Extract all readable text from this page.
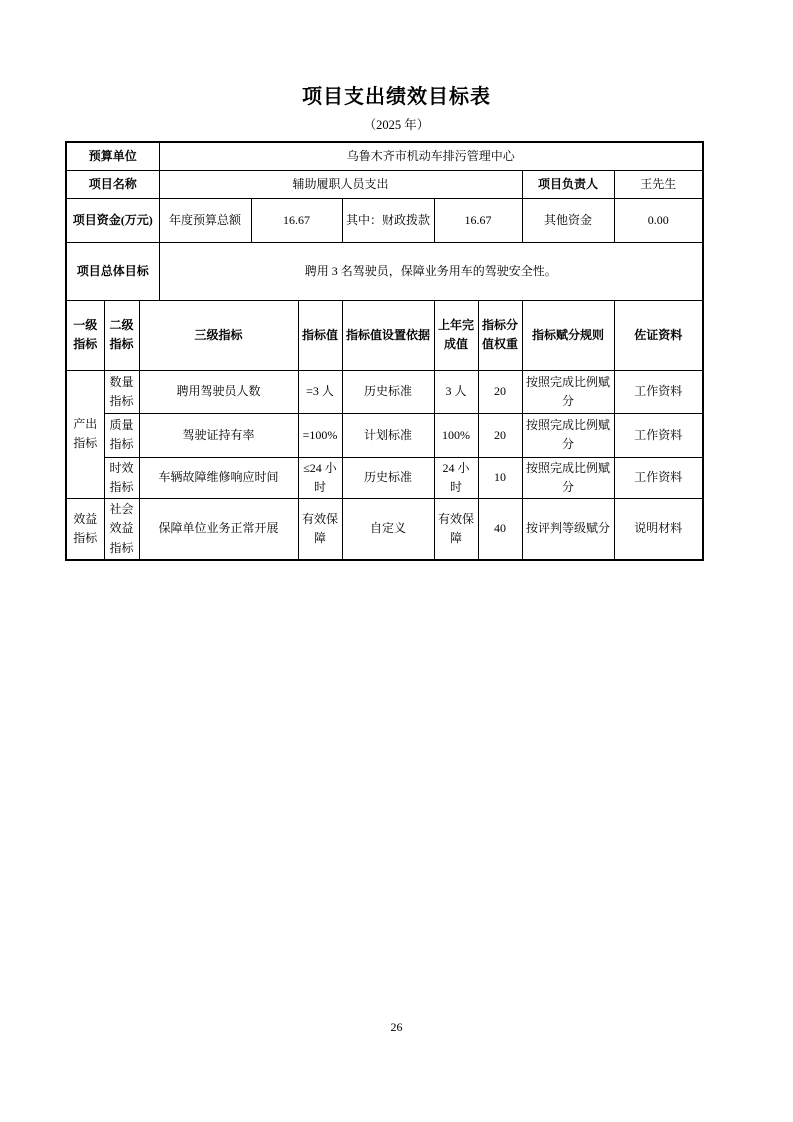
项目支出绩效目标表
（2025 年）
预算单位			乌鲁木齐市机动车排污管理中心							
项目名称			辅助履职人员支出						项目负责人	王先生
项目资金(万元)			年度预算总额	16.67		其中：财政拨款	16.67		其他资金	0.00
项目总体目标			聘用 3 名驾驶员，保障业务用车的驾驶安全性。							
一级指标	二级指标	三级指标			指标值	指标值设置依据	上年完成值	指标分值权重	指标赋分规则	佐证资料
产出指标	数量指标	聘用驾驶员人数			=3 人	历史标准	3 人	20	按照完成比例赋分	工作资料
	质量指标	驾驶证持有率			=100%	计划标准	100%	20	按照完成比例赋分	工作资料
	时效指标	车辆故障维修响应时间			≤24 小时	历史标准	24 小时	10	按照完成比例赋分	工作资料
效益指标	社会效益指标	保障单位业务正常开展			有效保障	自定义	有效保障	40	按评判等级赋分	说明材料
26
